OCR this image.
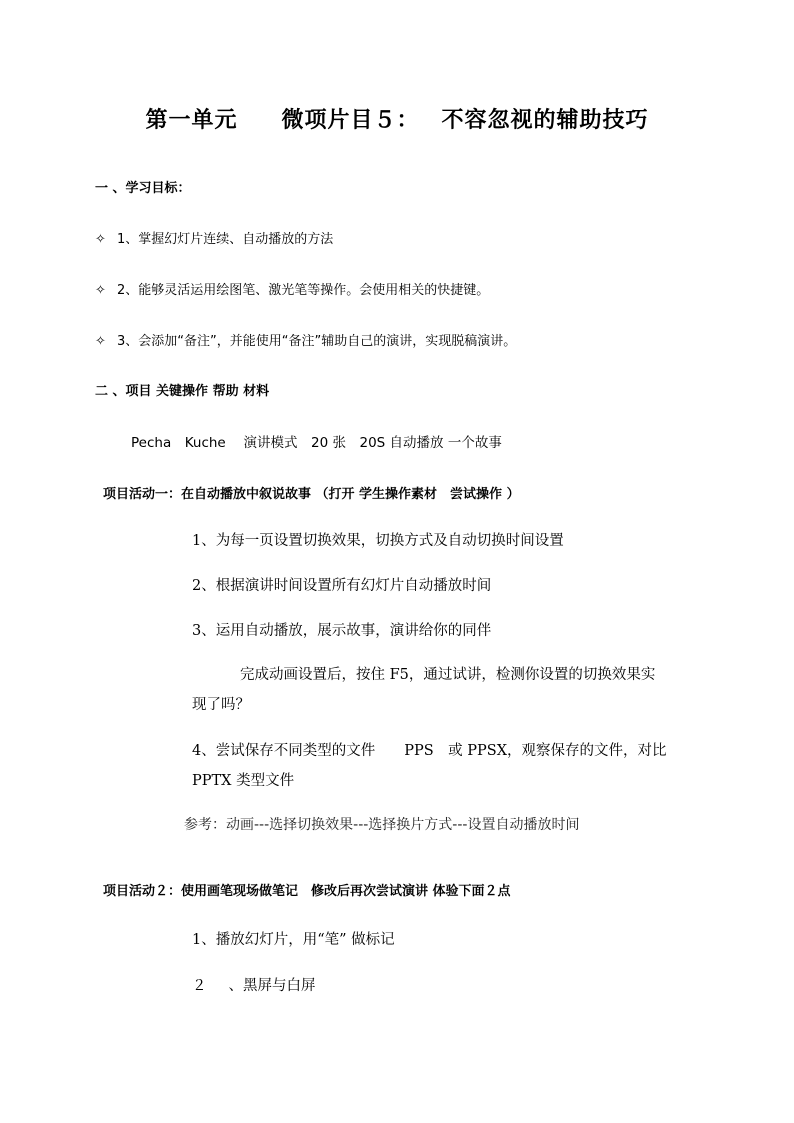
第一单元 微项片目５： 不容忽视的辅助技巧
一 、学习目标：
✧ 1、掌握幻灯片连续、自动播放的方法
✧ 2、能够灵活运用绘图笔、激光笔等操作。会使用相关的快捷键。
✧ 3、会添加“备注”，并能使用“备注”辅助自己的演讲，实现脱稿演讲。
二 、项目 关键操作 帮助 材料
Pecha　Kuche　 演讲模式　20 张　20S 自动播放 一个故事
项目活动一：在自动播放中叙说故事 （打开 学生操作素材　尝试操作 ）
1、为每一页设置切换效果，切换方式及自动切换时间设置
2、根据演讲时间设置所有幻灯片自动播放时间
3、运用自动播放，展示故事，演讲给你的同伴
完成动画设置后，按住 F5，通过试讲，检测你设置的切换效果实
现了吗？
4、尝试保存不同类型的文件　　PPS　或 PPSX，观察保存的文件，对比
PPTX 类型文件
参考：动画---选择切换效果---选择换片方式---设置自动播放时间
项目活动２：使用画笔现场做笔记　修改后再次尝试演讲 体验下面２点
1、播放幻灯片，用“笔” 做标记
２ 、黑屏与白屏
